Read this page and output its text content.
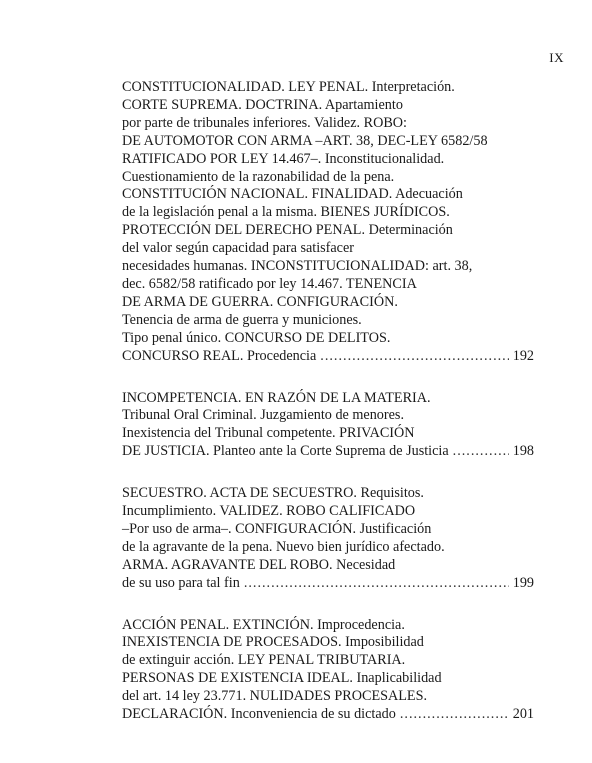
IX
CONSTITUCIONALIDAD. LEY PENAL. Interpretación.
CORTE SUPREMA. DOCTRINA. Apartamiento
por parte de tribunales inferiores. Validez. ROBO:
DE AUTOMOTOR CON ARMA –ART. 38, DEC-LEY 6582/58
RATIFICADO POR LEY 14.467–. Inconstitucionalidad.
Cuestionamiento de la razonabilidad de la pena.
CONSTITUCIÓN NACIONAL. FINALIDAD. Adecuación
de la legislación penal a la misma. BIENES JURÍDICOS.
PROTECCIÓN DEL DERECHO PENAL. Determinación
del valor según capacidad para satisfacer
necesidades humanas. INCONSTITUCIONALIDAD: art. 38,
dec. 6582/58 ratificado por ley 14.467. TENENCIA
DE ARMA DE GUERRA. CONFIGURACIÓN.
Tenencia de arma de guerra y municiones.
Tipo penal único. CONCURSO DE DELITOS.
CONCURSO REAL. Procedencia .....	192
INCOMPETENCIA. EN RAZÓN DE LA MATERIA.
Tribunal Oral Criminal. Juzgamiento de menores.
Inexistencia del Tribunal competente. PRIVACIÓN
DE JUSTICIA. Planteo ante la Corte Suprema de Justicia .....	198
SECUESTRO. ACTA DE SECUESTRO. Requisitos.
Incumplimiento. VALIDEZ. ROBO CALIFICADO
–Por uso de arma–. CONFIGURACIÓN. Justificación
de la agravante de la pena. Nuevo bien jurídico afectado.
ARMA. AGRAVANTE DEL ROBO. Necesidad
de su uso para tal fin .....	199
ACCIÓN PENAL. EXTINCIÓN. Improcedencia.
INEXISTENCIA DE PROCESADOS. Imposibilidad
de extinguir acción. LEY PENAL TRIBUTARIA.
PERSONAS DE EXISTENCIA IDEAL. Inaplicabilidad
del art. 14 ley 23.771. NULIDADES PROCESALES.
DECLARACIÓN. Inconveniencia de su dictado .....	201
